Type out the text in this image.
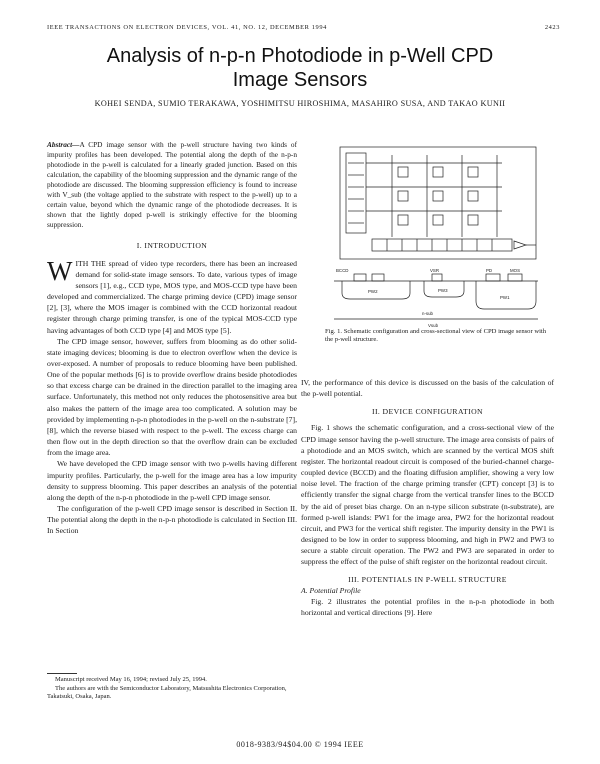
IEEE TRANSACTIONS ON ELECTRON DEVICES, VOL. 41, NO. 12, DECEMBER 1994	2423
Analysis of n-p-n Photodiode in p-Well CPD
Image Sensors
KOHEI SENDA, SUMIO TERAKAWA, YOSHIMITSU HIROSHIMA, MASAHIRO SUSA, AND TAKAO KUNII

Abstract—A CPD image sensor with the p-well structure having two kinds of impurity profiles has been developed. The potential along the depth of the n-p-n photodiode in the p-well is calculated for a linearly graded junction. Based on this calculation, the capability of the blooming suppression and the dynamic range of the photodiode are discussed. The blooming suppression efficiency is found to increase with V_sub (the voltage applied to the substrate with respect to the p-well) up to a certain value, beyond which the dynamic range of the photodiode decreases. It is shown that the lightly doped p-well is strikingly effective for the blooming suppression.

I. INTRODUCTION

WITH THE spread of video type recorders, there has been an increased demand for solid-state image sensors. To date, various types of image sensors [1], e.g., CCD type, MOS type, and MOS-CCD type have been developed and commercialized. The charge priming device (CPD) image sensor [2], [3], where the MOS imager is combined with the CCD horizontal readout register through charge priming transfer, is one of the typical MOS-CCD type having advantages of both CCD type [4] and MOS type [5].

The CPD image sensor, however, suffers from blooming as do other solid-state imaging devices; blooming is due to electron overflow when the device is over-exposed. A number of proposals to reduce blooming have been published. One of the popular methods [6] is to provide overflow drains beside photodiodes so that excess charge can be drained in the direction parallel to the imaging area surface. Unfortunately, this method not only reduces the photosensitive area but also makes the pattern of the image area too complicated. A solution may be provided by implementing n-p-n photodiodes in the p-well on the n-substrate [7], [8], which the reverse biased with respect to the p-well. The excess charge can then flow out in the depth direction so that the overflow drain can be excluded from the image area.

We have developed the CPD image sensor with two p-wells having different impurity profiles. Particularly, the p-well for the image area has a low impurity density to suppress blooming. This paper describes an analysis of the potential along the depth of the n-p-n photodiode in the p-well CPD image sensor.

The configuration of the p-well CPD image sensor is described in Section II. The potential along the depth in the n-p-n photodiode is calculated in Section III. In Section

Manuscript received May 16, 1994; revised July 25, 1994.

The authors are with the Semiconductor Laboratory, Matsushita Electronics Corporation, Takatsuki, Osaka, Japan.

BCCD	VSR	PD	MOS
PW2	PW3
PW1
n-sub
Vsub
Fig. 1. Schematic configuration and cross-sectional view of CPD image sensor with the p-well structure.

IV, the performance of this device is discussed on the basis of the calculation of the p-well potential.

II. DEVICE CONFIGURATION

Fig. 1 shows the schematic configuration, and a cross-sectional view of the CPD image sensor having the p-well structure. The image area consists of pairs of a photodiode and an MOS switch, which are scanned by the vertical MOS shift register. The horizontal readout circuit is composed of the buried-channel charge-coupled device (BCCD) and the floating diffusion amplifier, showing a very low noise level. The fraction of the charge priming transfer (CPT) concept [3] is to efficiently transfer the signal charge from the vertical transfer lines to the BCCD by the aid of preset bias charge. On an n-type silicon substrate (n-substrate), are formed p-well islands: PW1 for the image area, PW2 for the horizontal readout circuit, and PW3 for the vertical shift register. The impurity density in the PW1 is designed to be low in order to suppress blooming, and high in PW2 and PW3 to secure a stable circuit operation. The PW2 and PW3 are separated in order to suppress the effect of the pulse of shift register on the horizontal readout circuit.

III. POTENTIALS IN P-WELL STRUCTURE

A. Potential Profile

Fig. 2 illustrates the potential profiles in the n-p-n photodiode in both horizontal and vertical directions [9]. Here

0018-9383/94$04.00 © 1994 IEEE
